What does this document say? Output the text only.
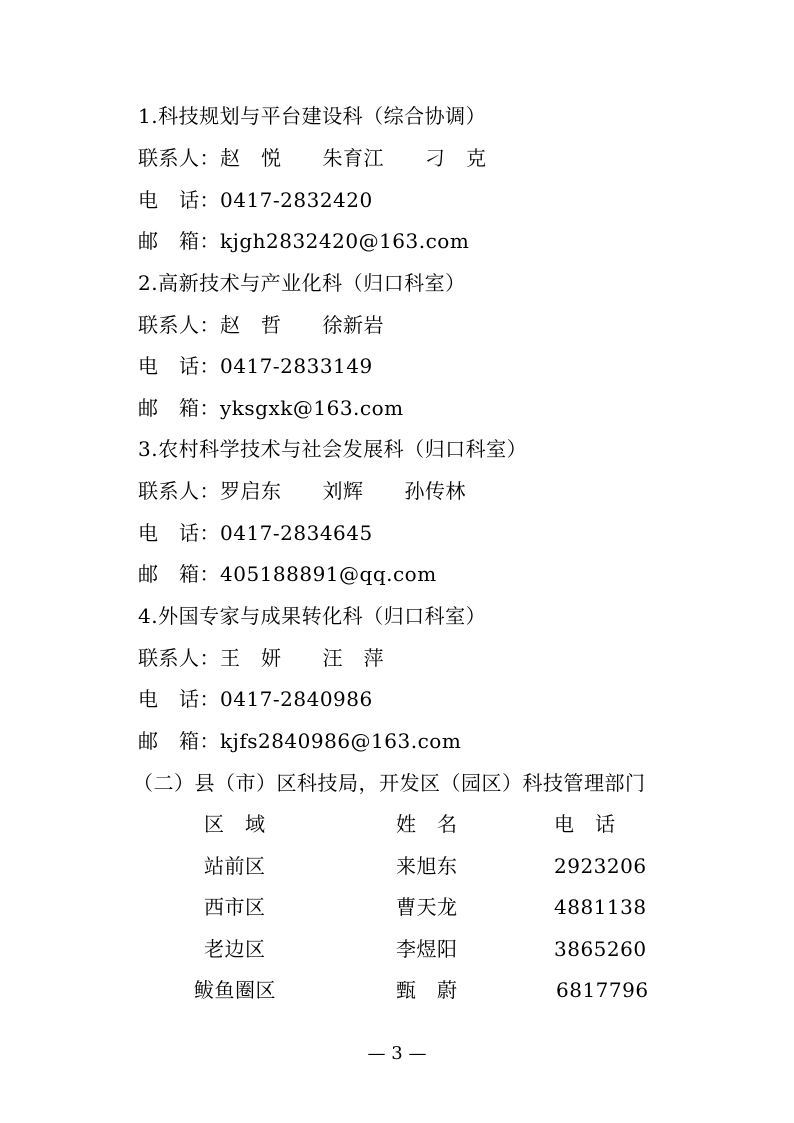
1.科技规划与平台建设科（综合协调）
联系人：赵　悦　　朱育江　　刁　克
电　话：0417-2832420
邮　箱：kjgh2832420@163.com
2.高新技术与产业化科（归口科室）
联系人：赵　哲　　徐新岩
电　话：0417-2833149
邮　箱：yksgxk@163.com
3.农村科学技术与社会发展科（归口科室）
联系人：罗启东　　刘辉　　孙传林
电　话：0417-2834645
邮　箱：405188891@qq.com
4.外国专家与成果转化科（归口科室）
联系人：王　妍　　汪　萍
电　话：0417-2840986
邮　箱：kjfs2840986@163.com
（二）县（市）区科技局，开发区（园区）科技管理部门
区　域	姓　名	电　话
站前区	来旭东	2923206
西市区	曹天龙	4881138
老边区	李煜阳	3865260
鲅鱼圈区	甄　蔚	6817796
— 3 —
